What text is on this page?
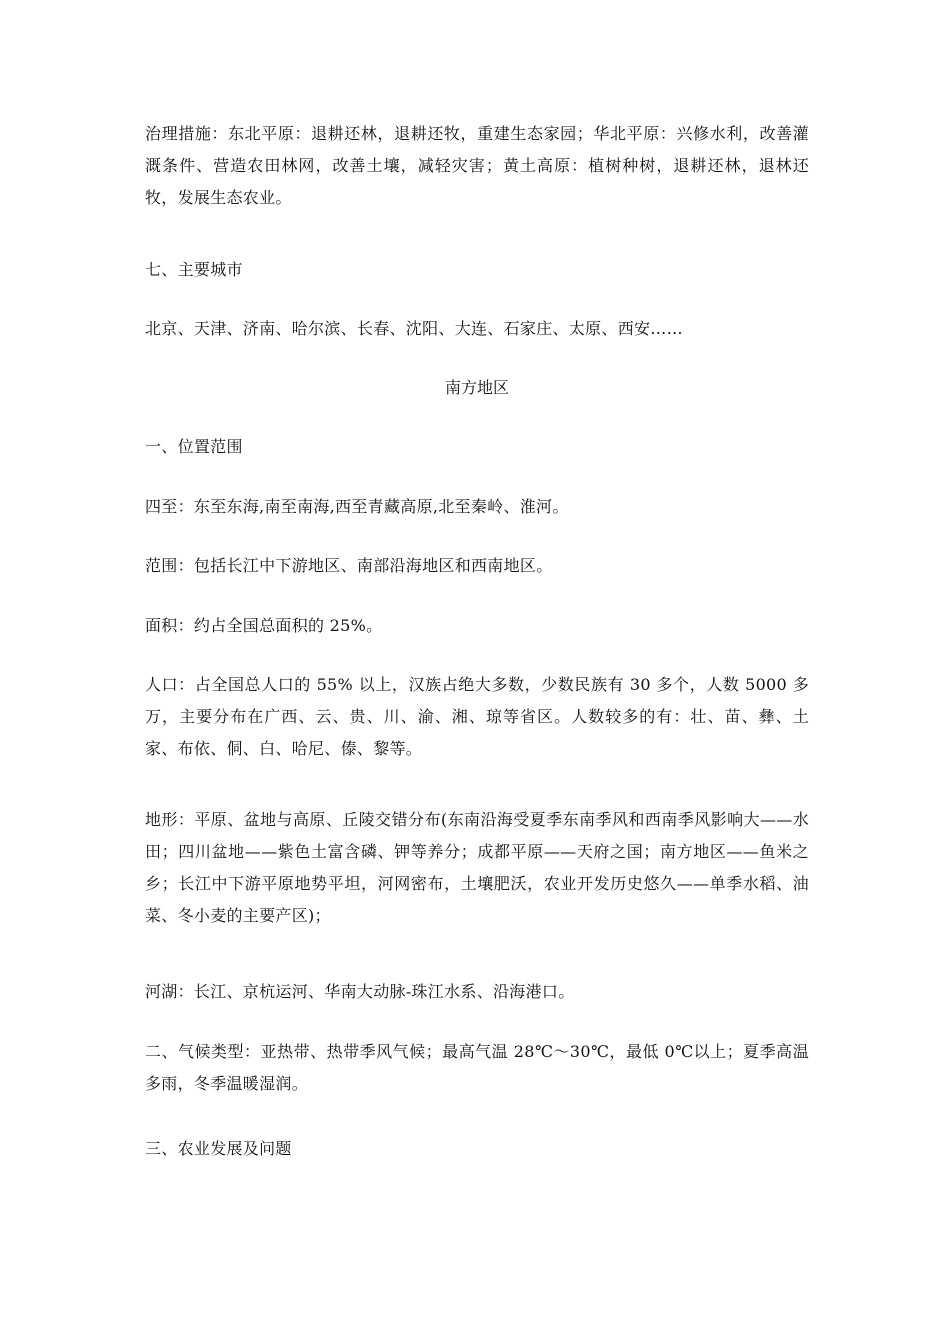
治理措施：东北平原：退耕还林，退耕还牧，重建生态家园；华北平原：兴修水利，改善灌溉条件、营造农田林网，改善土壤，减轻灾害；黄土高原：植树种树，退耕还林，退林还牧，发展生态农业。

七、主要城市

北京、天津、济南、哈尔滨、长春、沈阳、大连、石家庄、太原、西安……

南方地区

一、位置范围

四至：东至东海,南至南海,西至青藏高原,北至秦岭、淮河。

范围：包括长江中下游地区、南部沿海地区和西南地区。

面积：约占全国总面积的 25%。

人口：占全国总人口的 55% 以上，汉族占绝大多数，少数民族有 30 多个，人数 5000 多万，主要分布在广西、云、贵、川、渝、湘、琼等省区。人数较多的有：壮、苗、彝、土家、布依、侗、白、哈尼、傣、黎等。

地形：平原、盆地与高原、丘陵交错分布(东南沿海受夏季东南季风和西南季风影响大——水田；四川盆地——紫色土富含磷、钾等养分；成都平原——天府之国；南方地区——鱼米之乡；长江中下游平原地势平坦，河网密布，土壤肥沃，农业开发历史悠久——单季水稻、油菜、冬小麦的主要产区)；

河湖：长江、京杭运河、华南大动脉-珠江水系、沿海港口。

二、气候类型：亚热带、热带季风气候；最高气温 28℃～30℃，最低 0℃以上；夏季高温多雨，冬季温暖湿润。

三、农业发展及问题
